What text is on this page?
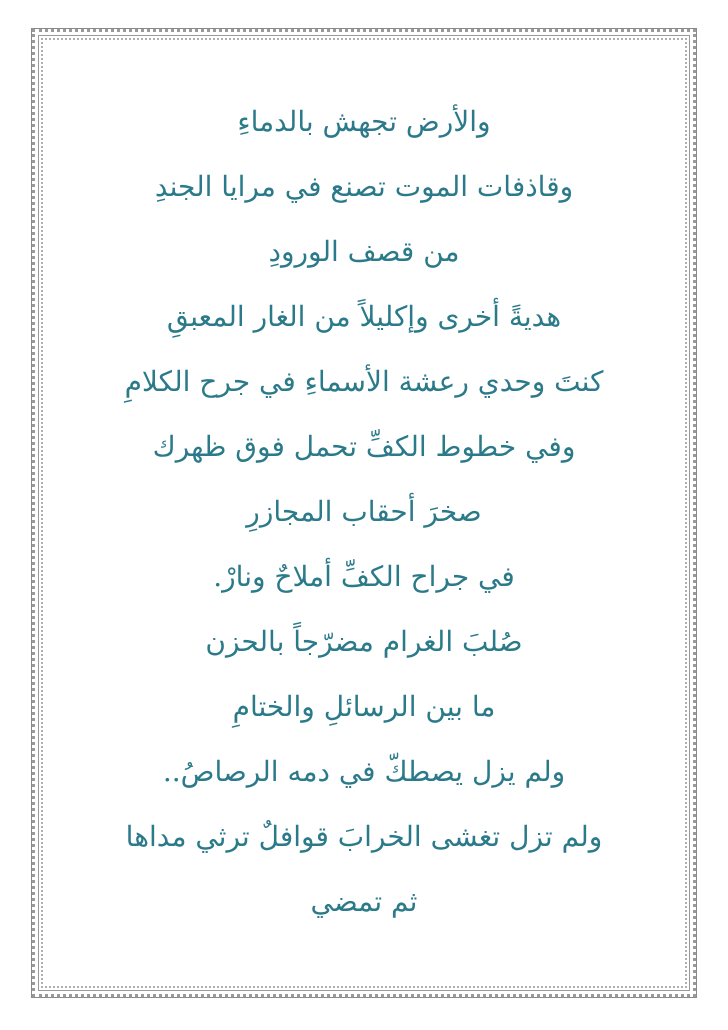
والأرض تجهش بالدماءِ
وقاذفات الموت تصنع في مرايا الجندِ
من قصف الورودِ
هديةً أخرى وإكليلاً من الغار المعبقِ
كنتَ وحدي رعشة الأسماءِ في جرح الكلامِ
وفي خطوط الكفِّ تحمل فوق ظهرك
صخرَ أحقاب المجازرِ
في جراح الكفِّ أملاحٌ ونارْ.
صُلبَ الغرام مضرّجاً بالحزن
ما بين الرسائلِ والختامِ
ولم يزل يصطكّ في دمه الرصاصُ..
ولم تزل تغشى الخرابَ قوافلٌ ترثي مداها
ثم تمضي
